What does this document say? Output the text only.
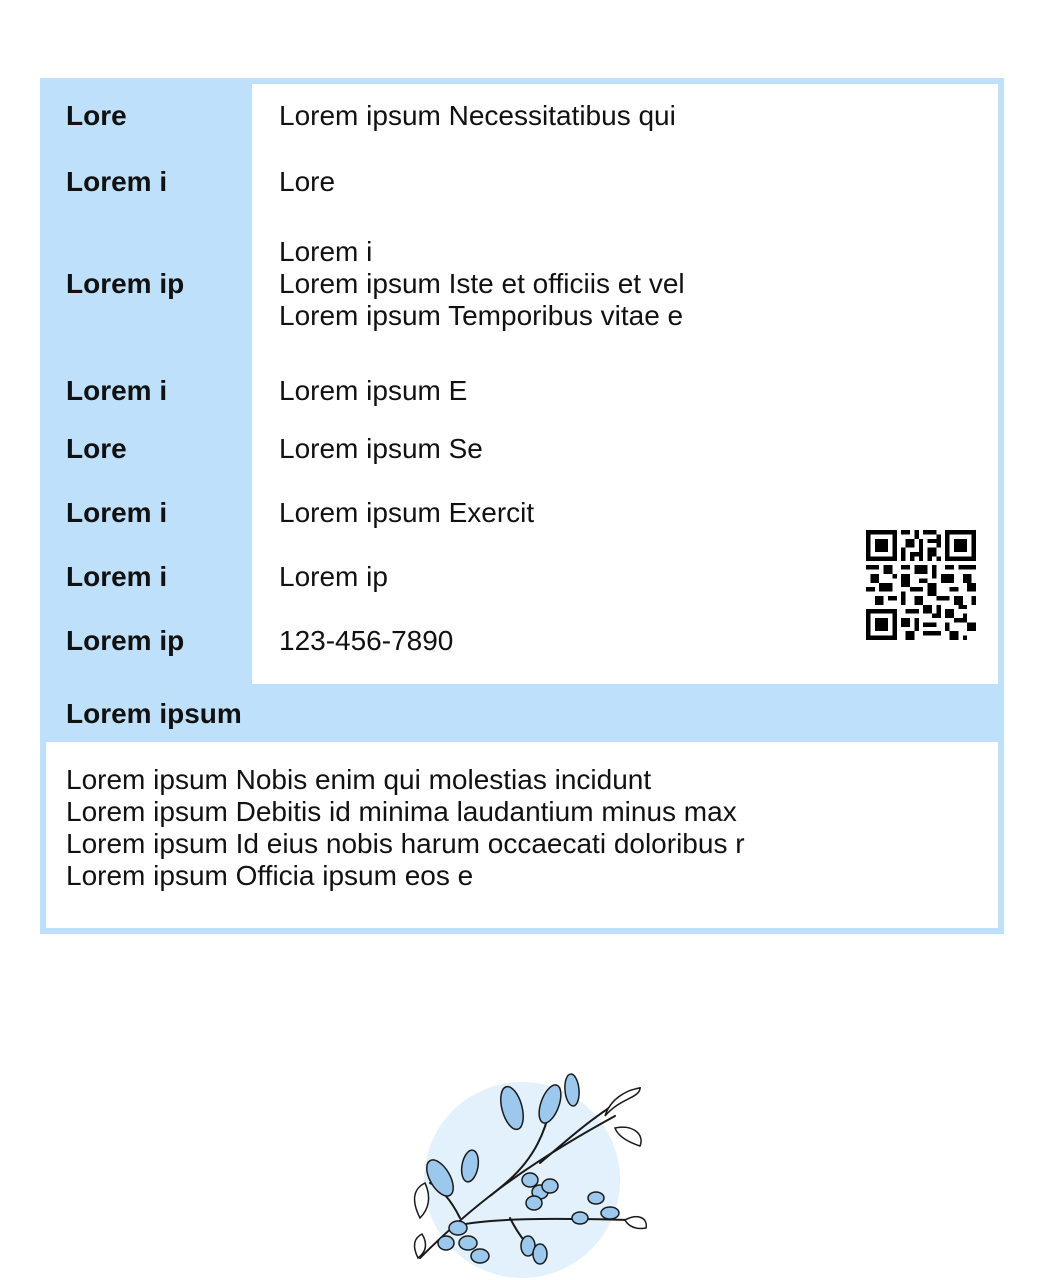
Lore
Lorem i
Lorem ip
Lorem i
Lore
Lorem i
Lorem i
Lorem ip
Lorem ipsum Necessitatibus qui
Lore
Lorem i
Lorem ipsum Iste et officiis et vel
Lorem ipsum Temporibus vitae e
Lorem ipsum E
Lorem ipsum Se
Lorem ipsum Exercit
Lorem ip
123-456-7890
Lorem ipsum
Lorem ipsum Nobis enim qui molestias incidunt
Lorem ipsum Debitis id minima laudantium minus max
Lorem ipsum Id eius nobis harum occaecati doloribus r
Lorem ipsum Officia ipsum eos e
